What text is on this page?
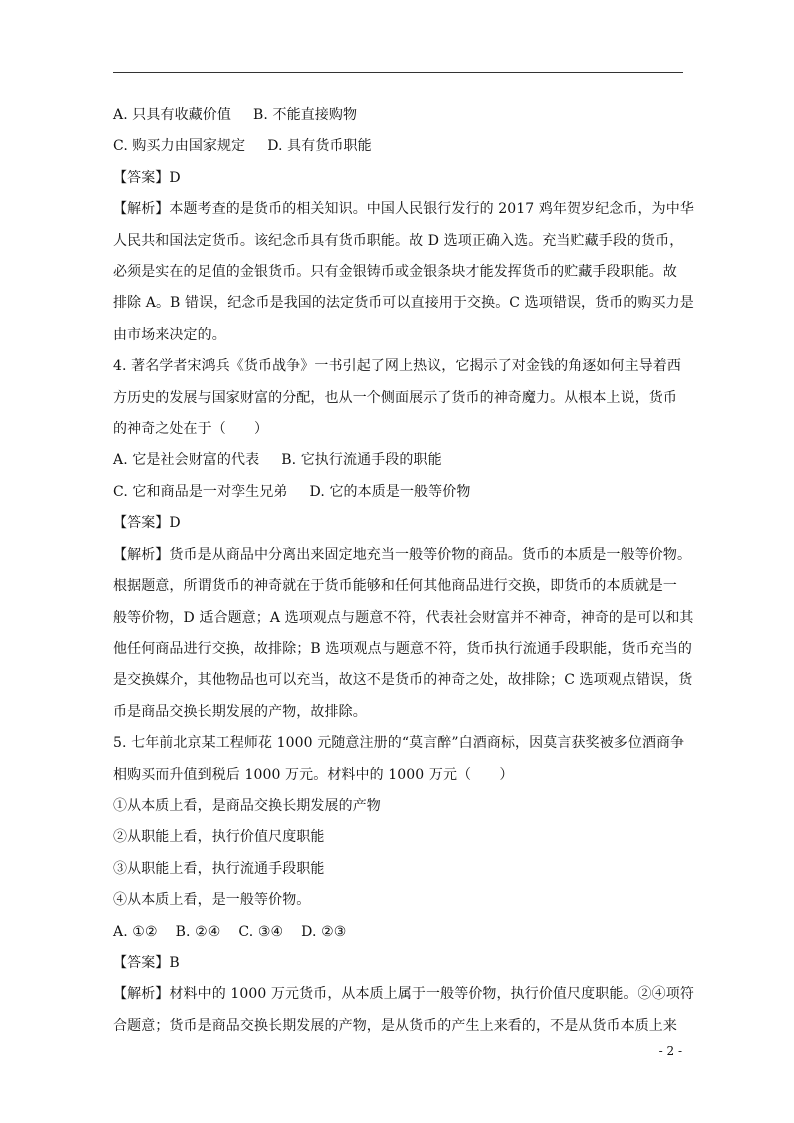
A. 只具有收藏价值 B. 不能直接购物
C. 购买力由国家规定 D. 具有货币职能
【答案】D
【解析】本题考查的是货币的相关知识。中国人民银行发行的 2017 鸡年贺岁纪念币，为中华
人民共和国法定货币。该纪念币具有货币职能。故 D 选项正确入选。充当贮藏手段的货币，
必须是实在的足值的金银货币。只有金银铸币或金银条块才能发挥货币的贮藏手段职能。故
排除 A。B 错误，纪念币是我国的法定货币可以直接用于交换。C 选项错误，货币的购买力是
由市场来决定的。
4. 著名学者宋鸿兵《货币战争》一书引起了网上热议，它揭示了对金钱的角逐如何主导着西
方历史的发展与国家财富的分配，也从一个侧面展示了货币的神奇魔力。从根本上说，货币
的神奇之处在于（　　）
A. 它是社会财富的代表 B. 它执行流通手段的职能
C. 它和商品是一对孪生兄弟 D. 它的本质是一般等价物
【答案】D
【解析】货币是从商品中分离出来固定地充当一般等价物的商品。货币的本质是一般等价物。
根据题意，所谓货币的神奇就在于货币能够和任何其他商品进行交换，即货币的本质就是一
般等价物，D 适合题意；A 选项观点与题意不符，代表社会财富并不神奇，神奇的是可以和其
他任何商品进行交换，故排除；B 选项观点与题意不符，货币执行流通手段职能，货币充当的
是交换媒介，其他物品也可以充当，故这不是货币的神奇之处，故排除；C 选项观点错误，货
币是商品交换长期发展的产物，故排除。
5. 七年前北京某工程师花 1000 元随意注册的“莫言醉”白酒商标，因莫言获奖被多位酒商争
相购买而升值到税后 1000 万元。材料中的 1000 万元（　　）
①从本质上看，是商品交换长期发展的产物
②从职能上看，执行价值尺度职能
③从职能上看，执行流通手段职能
④从本质上看，是一般等价物。
A. ①② B. ②④ C. ③④ D. ②③
【答案】B
【解析】材料中的 1000 万元货币，从本质上属于一般等价物，执行价值尺度职能。②④项符
合题意；货币是商品交换长期发展的产物，是从货币的产生上来看的，不是从货币本质上来
- 2 -
